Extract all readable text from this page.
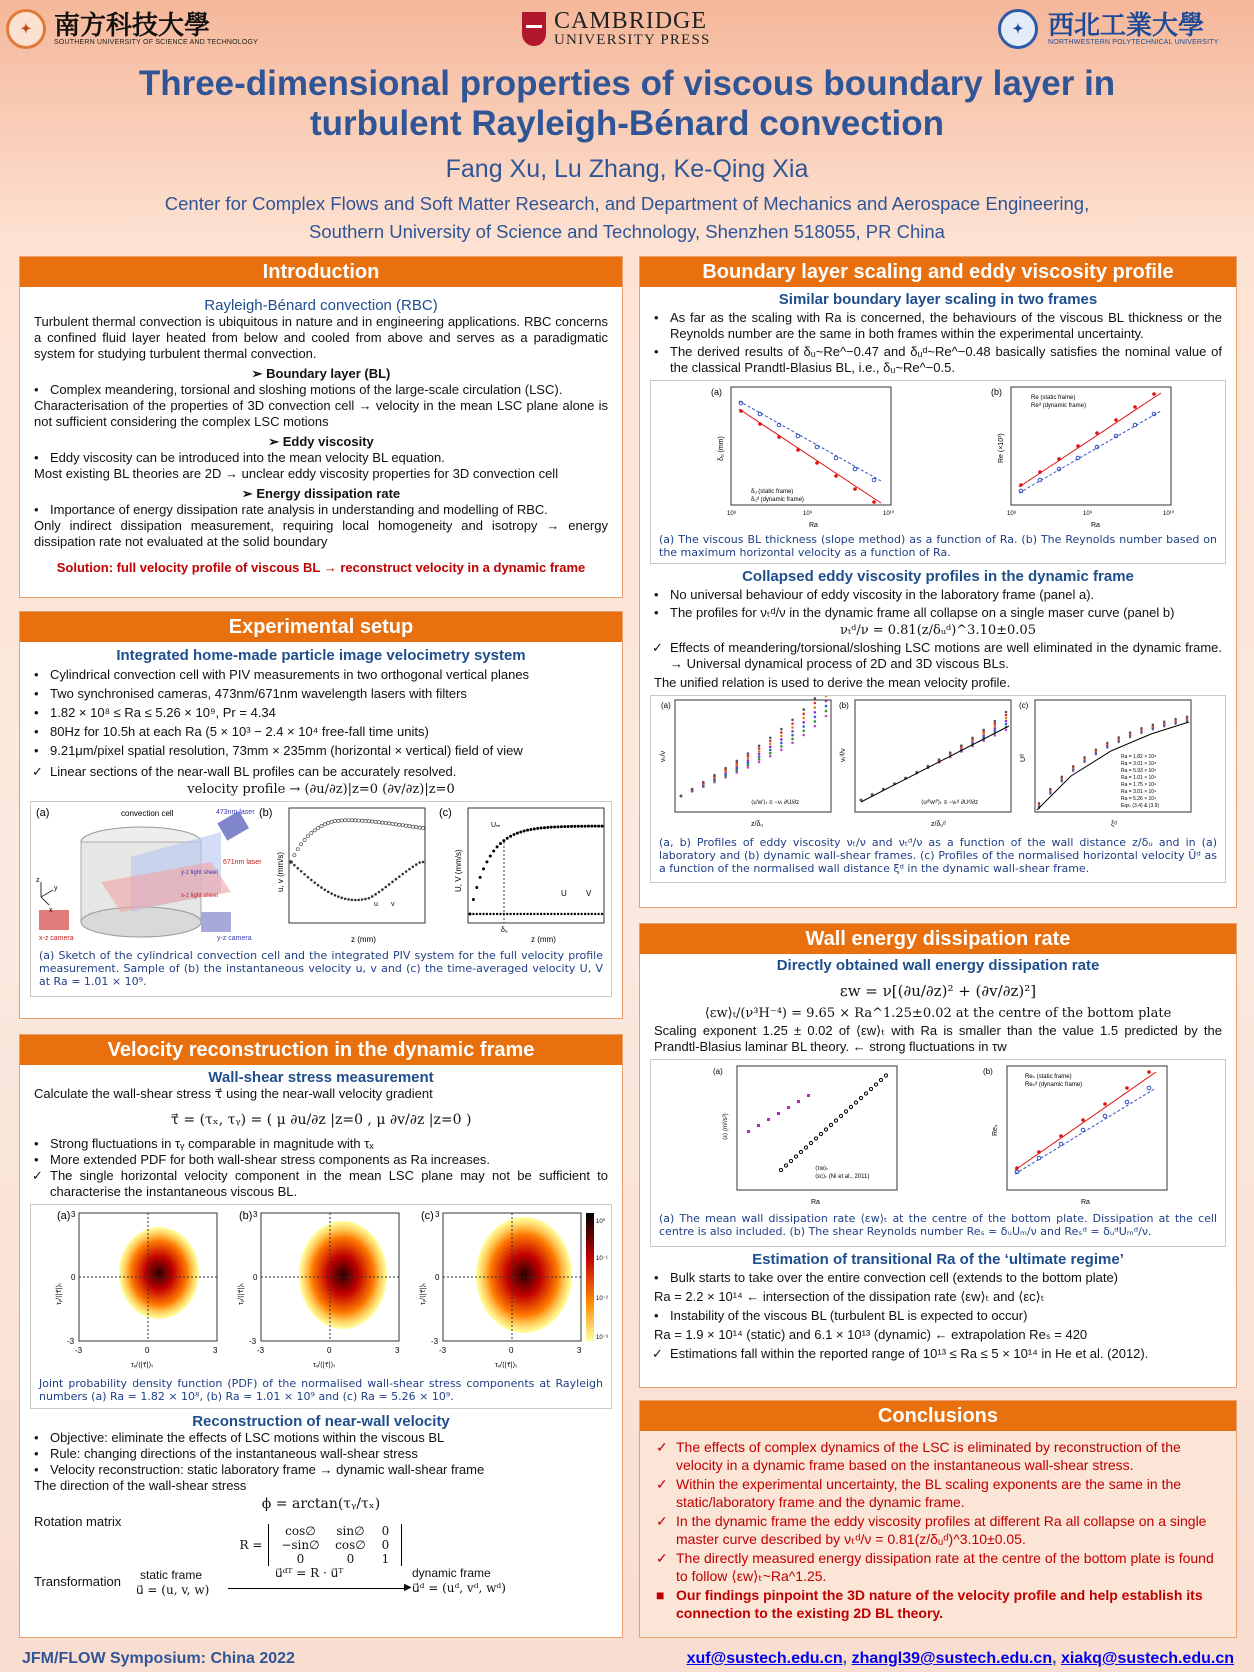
✦ 南方科技大學
SOUTHERN UNIVERSITY OF SCIENCE AND TECHNOLOGY
CAMBRIDGE
UNIVERSITY PRESS
✦ 西北工業大學
NORTHWESTERN POLYTECHNICAL UNIVERSITY
Three-dimensional properties of viscous boundary layer in
turbulent Rayleigh-Bénard convection
Fang Xu, Lu Zhang, Ke-Qing Xia
Center for Complex Flows and Soft Matter Research, and Department of Mechanics and Aerospace Engineering,
Southern University of Science and Technology, Shenzhen 518055, PR China
Introduction
Rayleigh-Bénard convection (RBC)
Turbulent thermal convection is ubiquitous in nature and in engineering applications. RBC concerns a confined fluid layer heated from below and cooled from above and serves as a paradigmatic system for studying turbulent thermal convection.
➢ Boundary layer (BL)
• Complex meandering, torsional and sloshing motions of the large-scale circulation (LSC).
Characterisation of the properties of 3D convection cell → velocity in the mean LSC plane alone is not sufficient considering the complex LSC motions
➢ Eddy viscosity
• Eddy viscosity can be introduced into the mean velocity BL equation.
Most existing BL theories are 2D → unclear eddy viscosity properties for 3D convection cell
➢ Energy dissipation rate
• Importance of energy dissipation rate analysis in understanding and modelling of RBC.
Only indirect dissipation measurement, requiring local homogeneity and isotropy → energy dissipation rate not evaluated at the solid boundary
Solution: full velocity profile of viscous BL → reconstruct velocity in a dynamic frame
Experimental setup
Integrated home-made particle image velocimetry system
• Cylindrical convection cell with PIV measurements in two orthogonal vertical planes
• Two synchronised cameras, 473nm/671nm wavelength lasers with filters
• 1.82 × 10⁸ ≤ Ra ≤ 5.26 × 10⁹, Pr = 4.34
• 80Hz for 10.5h at each Ra (5 × 10³ − 2.4 × 10⁴ free-fall time units)
• 9.21μm/pixel spatial resolution, 73mm × 235mm (horizontal × vertical) field of view
✓ Linear sections of the near-wall BL profiles can be accurately resolved.
velocity profile → (∂u/∂z)|z=0 (∂v/∂z)|z=0
(a)	convection cell	473nm laser
671nm laser
y-z light sheet
x-z light sheet
x-z camera	y-z camera
z
y
x
(b)
z (mm)
u, v (mm/s)
u v
(c)
Uₘ
δᵤ
z (mm)
U, V (mm/s)
U V
(a) Sketch of the cylindrical convection cell and the integrated PIV system for the full velocity profile measurement. Sample of (b) the instantaneous velocity u, v and (c) the time-averaged velocity U, V at Ra = 1.01 × 10⁹.
Velocity reconstruction in the dynamic frame
Wall-shear stress measurement
Calculate the wall-shear stress τ⃗ using the near-wall velocity gradient
τ⃗ = (τₓ, τᵧ) = ( μ ∂u/∂z |z=0 , μ ∂v/∂z |z=0 )
• Strong fluctuations in τᵧ comparable in magnitude with τₓ
• More extended PDF for both wall-shear stress components as Ra increases.
✓ The single horizontal velocity component in the mean LSC plane may not be sufficient to characterise the instantaneous viscous BL.
(a) 3
0
-3
-3	0	3
τₓ/⟨|τ⃗|⟩ₜ
τᵧ/⟨|τ⃗|⟩ₜ
(b) 3
0
-3
-3	0	3
τₓ/⟨|τ⃗|⟩ₜ
τᵧ/⟨|τ⃗|⟩ₜ
(c) 3
0
-3
-3	0	3
τₓ/⟨|τ⃗|⟩ₜ
τᵧ/⟨|τ⃗|⟩ₜ
10⁰
10⁻¹
10⁻²
10⁻³
Joint probability density function (PDF) of the normalised wall-shear stress components at Rayleigh numbers (a) Ra = 1.82 × 10⁸, (b) Ra = 1.01 × 10⁹ and (c) Ra = 5.26 × 10⁹.
Reconstruction of near-wall velocity
• Objective: eliminate the effects of LSC motions within the viscous BL
• Rule: changing directions of the instantaneous wall-shear stress
• Velocity reconstruction: static laboratory frame → dynamic wall-shear frame
The direction of the wall-shear stress
ϕ = arctan(τᵧ/τₓ)
Rotation matrix
R =
cos∅	sin∅	0
−sin∅	cos∅	0
0	0	1
Transformation static frame
u⃗ = (u, v, w)
u⃗ᵈᵀ = R · u⃗ᵀ
▶
dynamic frame
u⃗ᵈ = (uᵈ, vᵈ, wᵈ)
Boundary layer scaling and eddy viscosity profile
Similar boundary layer scaling in two frames
• As far as the scaling with Ra is concerned, the behaviours of the viscous BL thickness or the Reynolds number are the same in both frames within the experimental uncertainty.
• The derived results of δᵤ~Re^−0.47 and δᵤᵈ~Re^−0.48 basically satisfies the nominal value of the classical Prandtl-Blasius BL, i.e., δᵤ~Re^−0.5.
(a)
δᵤ (mm)
Ra
10⁸	10⁹	10¹⁰
δᵤ (static frame)
δᵤᵈ (dynamic frame)
(b)
Re (×10³)
Ra
10⁸	10⁹	10¹⁰
Re (static frame)
Reᵈ (dynamic frame)
(a) The viscous BL thickness (slope method) as a function of Ra. (b) The Reynolds number based on the maximum horizontal velocity as a function of Ra.
Collapsed eddy viscosity profiles in the dynamic frame
• No universal behaviour of eddy viscosity in the laboratory frame (panel a).
• The profiles for νₜᵈ/ν in the dynamic frame all collapse on a single maser curve (panel b)
νₜᵈ/ν = 0.81(z/δᵤᵈ)^3.10±0.05
✓ Effects of meandering/torsional/sloshing LSC motions are well eliminated in the dynamic frame. → Universal dynamical process of 2D and 3D viscous BLs.
The unified relation is used to derive the mean velocity profile.
(a)
z/δᵤ
νₜ/ν
⟨u′w′⟩ₜ ≡ −νₜ ∂U/∂z
(b)
z/δᵤᵈ
νₜᵈ/ν
⟨uᵈ′wᵈ′⟩ₜ ≡ −νₜᵈ ∂Uᵈ/∂z
(c)
ξᵈ
Uᵈ	Ra = 1.82 × 10⁸
Ra = 3.01 × 10⁸
Ra = 5.93 × 10⁸
Ra = 1.01 × 10⁹
Ra = 1.75 × 10⁹
Ra = 3.01 × 10⁹
Ra = 5.26 × 10⁹
Eqs. (3.4) & (3.9)
(a, b) Profiles of eddy viscosity νₜ/ν and νₜᵈ/ν as a function of the wall distance z/δᵤ and in (a) laboratory and (b) dynamic wall-shear frames. (c) Profiles of the normalised horizontal velocity Ūᵈ as a function of the normalised wall distance ξᵈ in the dynamic wall-shear frame.
Wall energy dissipation rate
Directly obtained wall energy dissipation rate
εw = ν[(∂u/∂z)² + (∂v/∂z)²]
⟨εw⟩ₜ/(ν³H⁻⁴) = 9.65 × Ra^1.25±0.02 at the centre of the bottom plate
Scaling exponent 1.25 ± 0.02 of ⟨εw⟩ₜ with Ra is smaller than the value 1.5 predicted by the Prandtl-Blasius laminar BL theory. ← strong fluctuations in τw
(a)
⟨ε⟩ (m²/s³)
Ra
⟨τw⟩ₜ
⟨εc⟩ₜ (Ni et al., 2011)
(b)
Reₛ
Ra
Reₛ (static frame)
Reₛᵈ (dynamic frame)
(a) The mean wall dissipation rate ⟨εw⟩ₜ at the centre of the bottom plate. Dissipation at the cell centre is also included. (b) The shear Reynolds number Reₛ = δᵤUₘ/ν and Reₛᵈ = δᵤᵈUₘᵈ/ν.
Estimation of transitional Ra of the ‘ultimate regime’
• Bulk starts to take over the entire convection cell (extends to the bottom plate)
Ra = 2.2 × 10¹⁴ ← intersection of the dissipation rate ⟨εw⟩ₜ and ⟨εc⟩ₜ
• Instability of the viscous BL (turbulent BL is expected to occur)
Ra = 1.9 × 10¹⁴ (static) and 6.1 × 10¹³ (dynamic) ← extrapolation Reₛ = 420
✓ Estimations fall within the reported range of 10¹³ ≤ Ra ≤ 5 × 10¹⁴ in He et al. (2012).
Conclusions
✓ The effects of complex dynamics of the LSC is eliminated by reconstruction of the velocity in a dynamic frame based on the instantaneous wall-shear stress.
✓ Within the experimental uncertainty, the BL scaling exponents are the same in the static/laboratory frame and the dynamic frame.
✓ In the dynamic frame the eddy viscosity profiles at different Ra all collapse on a single master curve described by νₜᵈ/ν = 0.81(z/δᵤᵈ)^3.10±0.05.
✓ The directly measured energy dissipation rate at the centre of the bottom plate is found to follow ⟨εw⟩ₜ~Ra^1.25.
■ Our findings pinpoint the 3D nature of the velocity profile and help establish its connection to the existing 2D BL theory.
JFM/FLOW Symposium: China 2022	xuf@sustech.edu.cn, zhangl39@sustech.edu.cn, xiakq@sustech.edu.cn
